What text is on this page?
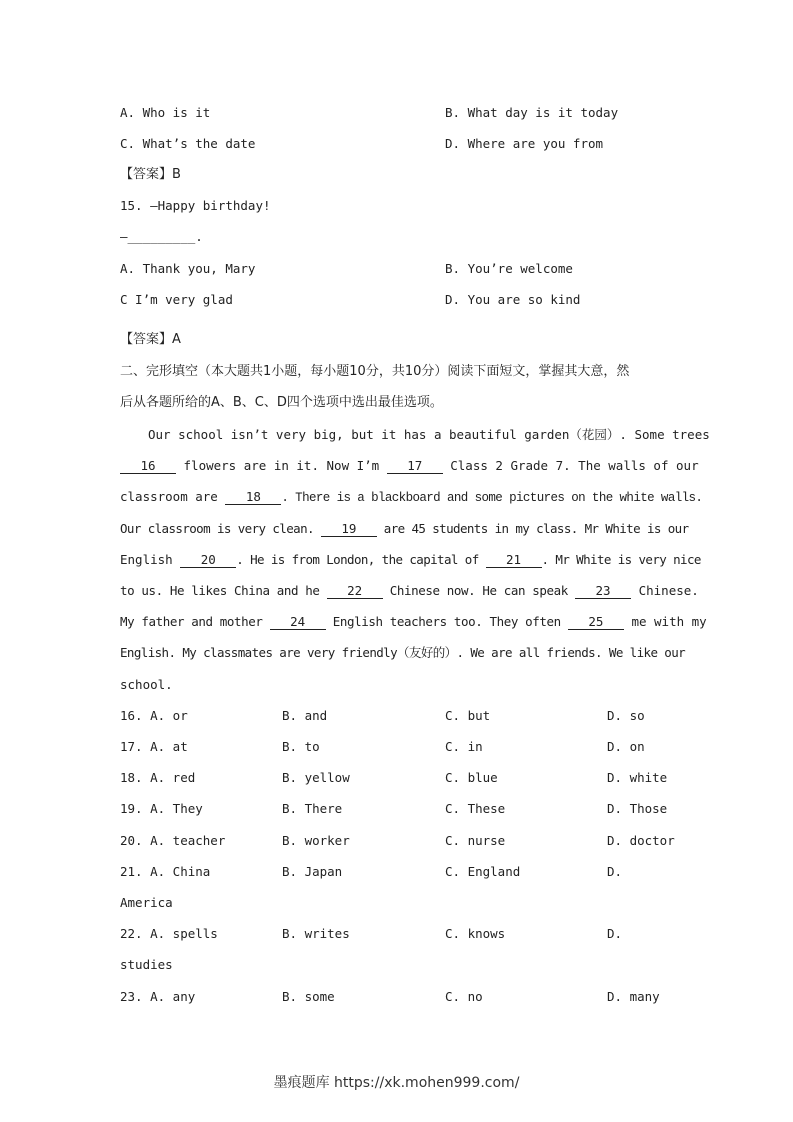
A. Who is it	B. What day is it today
C. What’s the date	D. Where are you from
【答案】B
15. —Happy birthday!
—_________.
A. Thank you, Mary	B. You’re welcome
C I’m very glad	D. You are so kind
【答案】A
二、完形填空（本大题共1小题，每小题10分，共10分）阅读下面短文，掌握其大意，然
后从各题所给的A、B、C、D四个选项中选出最佳选项。
Our school isn’t very big, but it has a beautiful garden（花园）. Some trees
16 flowers are in it. Now I’m 17 Class 2 Grade 7. The walls of our
classroom are 18 . There is a blackboard and some pictures on the white walls.
Our classroom is very clean. 19 are 45 students in my class. Mr White is our
English 20 . He is from London, the capital of 21 . Mr White is very nice
to us. He likes China and he 22 Chinese now. He can speak 23 Chinese.
My father and mother 24 English teachers too. They often 25 me with my
English. My classmates are very friendly（友好的）. We are all friends. We like our
school.
16. A. or	B. and	C. but	D. so
17. A. at	B. to	C. in	D. on
18. A. red	B. yellow	C. blue	D. white
19. A. They	B. There	C. These	D. Those
20. A. teacher	B. worker	C. nurse	D. doctor
21. A. China	B. Japan	C. England	D.
America
22. A. spells	B. writes	C. knows	D.
studies
23. A. any	B. some	C. no	D. many
墨痕题库 https://xk.mohen999.com/
